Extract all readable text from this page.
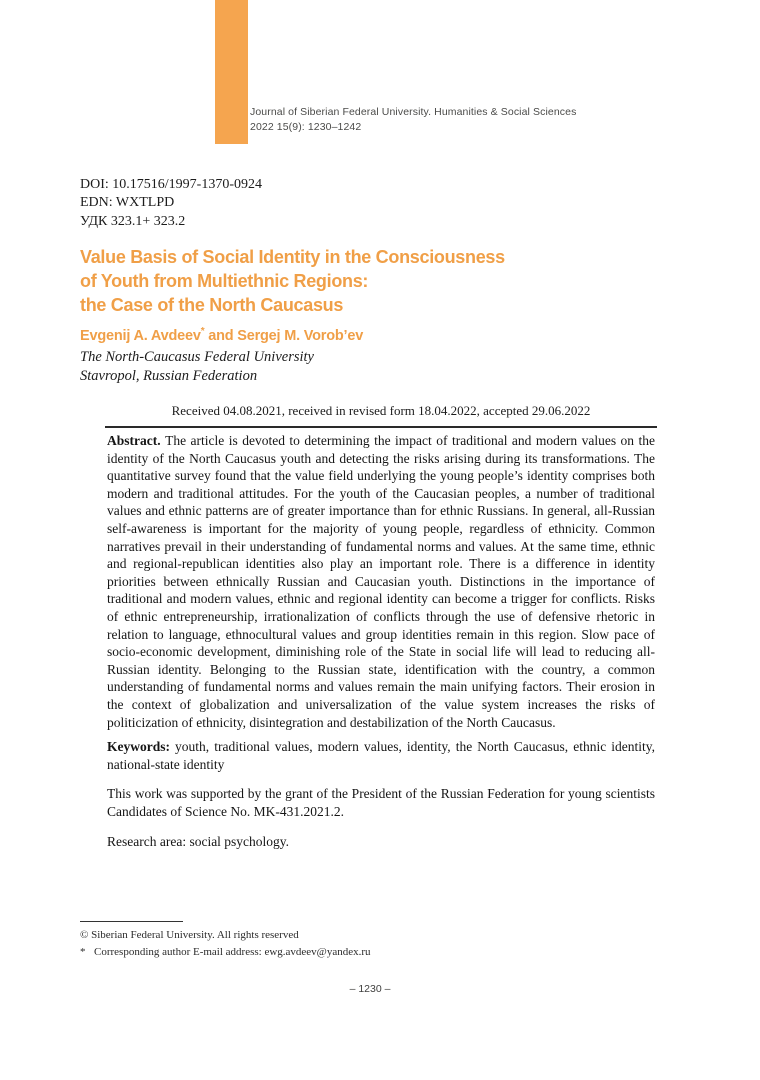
Journal of Siberian Federal University. Humanities & Social Sciences
2022 15(9): 1230–1242
DOI: 10.17516/1997-1370-0924
EDN: WXTLPD
УДК 323.1+ 323.2
Value Basis of Social Identity in the Consciousness
of Youth from Multiethnic Regions:
the Case of the North Caucasus
Evgenij A. Avdeev* and Sergej M. Vorob’ev
The North-Caucasus Federal University
Stavropol, Russian Federation
Received 04.08.2021, received in revised form 18.04.2022, accepted 29.06.2022

Abstract. The article is devoted to determining the impact of traditional and modern values on the identity of the North Caucasus youth and detecting the risks arising during its transformations. The quantitative survey found that the value field underlying the young people’s identity comprises both modern and traditional attitudes. For the youth of the Caucasian peoples, a number of traditional values and ethnic patterns are of greater importance than for ethnic Russians. In general, all-Russian self-awareness is important for the majority of young people, regardless of ethnicity. Common narratives prevail in their understanding of fundamental norms and values. At the same time, ethnic and regional-republican identities also play an important role. There is a difference in identity priorities between ethnically Russian and Caucasian youth. Distinctions in the importance of traditional and modern values, ethnic and regional identity can become a trigger for conflicts. Risks of ethnic entrepreneurship, irrationalization of conflicts through the use of defensive rhetoric in relation to language, ethnocultural values and group identities remain in this region. Slow pace of socio-economic development, diminishing role of the State in social life will lead to reducing all-Russian identity. Belonging to the Russian state, identification with the country, a common understanding of fundamental norms and values remain the main unifying factors. Their erosion in the context of globalization and universalization of the value system increases the risks of politicization of ethnicity, disintegration and destabilization of the North Caucasus.

Keywords: youth, traditional values, modern values, identity, the North Caucasus, ethnic identity, national-state identity

This work was supported by the grant of the President of the Russian Federation for young scientists Candidates of Science No. MK-431.2021.2.

Research area: social psychology.

© Siberian Federal University. All rights reserved
* Corresponding author E-mail address: ewg.avdeev@yandex.ru
– 1230 –
